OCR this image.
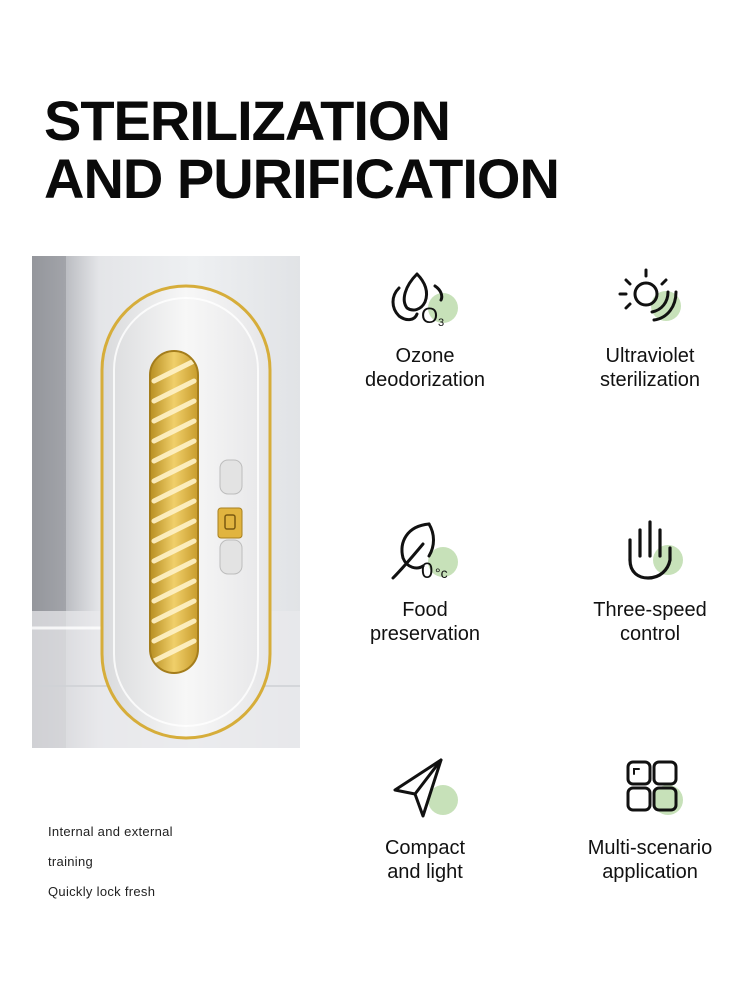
STERILIZATION
AND PURIFICATION
Internal and external
training
Quickly lock fresh
O 3
Ozone
deodorization
Ultraviolet
sterilization
0 °c
Food
preservation
Three-speed
control
Compact
and light
Multi-scenario
application
